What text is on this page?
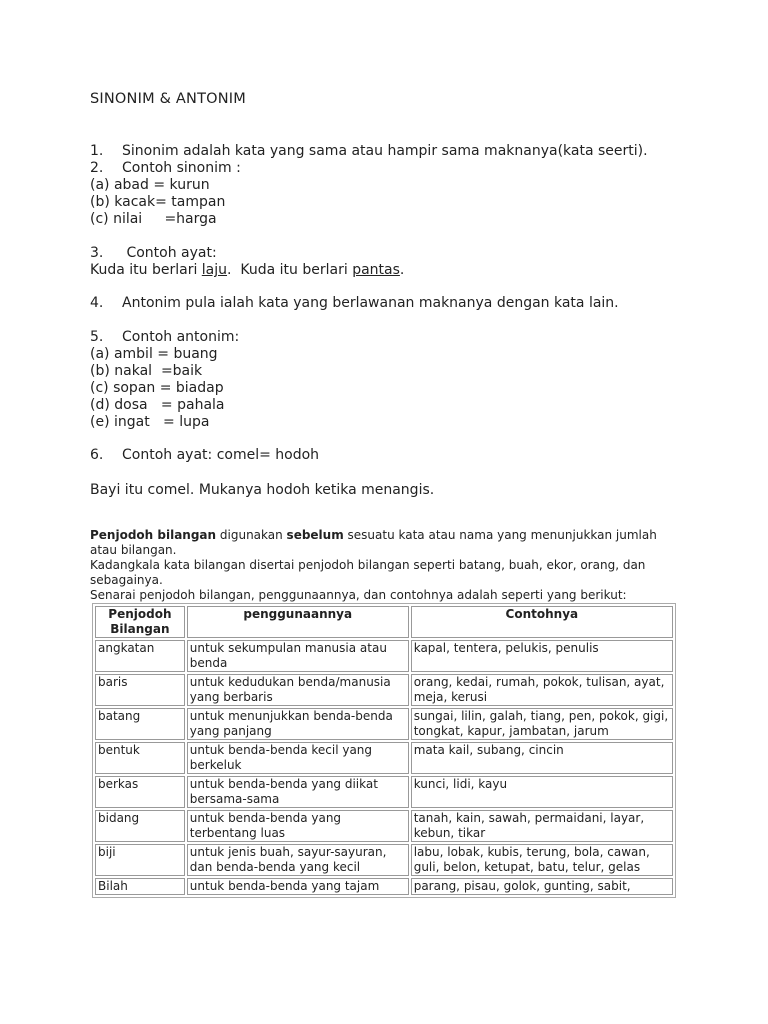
SINONIM & ANTONIM
1. Sinonim adalah kata yang sama atau hampir sama maknanya(kata seerti).
2. Contoh sinonim :
(a) abad = kurun
(b) kacak= tampan
(c) nilai     =harga
3. Contoh ayat:
Kuda itu berlari laju.  Kuda itu berlari pantas.
4. Antonim pula ialah kata yang berlawanan maknanya dengan kata lain.
5. Contoh antonim:
(a) ambil = buang
(b) nakal  =baik
(c) sopan = biadap
(d) dosa   = pahala
(e) ingat   = lupa
6. Contoh ayat: comel= hodoh
Bayi itu comel. Mukanya hodoh ketika menangis.
Penjodoh bilangan digunakan sebelum sesuatu kata atau nama yang menunjukkan jumlah atau bilangan.
Kadangkala kata bilangan disertai penjodoh bilangan seperti batang, buah, ekor, orang, dan sebagainya.
Senarai penjodoh bilangan, penggunaannya, dan contohnya adalah seperti yang berikut:
Penjodoh Bilangan	penggunaannya	Contohnya
angkatan	untuk sekumpulan manusia atau benda	kapal, tentera, pelukis, penulis
baris	untuk kedudukan benda/manusia yang berbaris	orang, kedai, rumah, pokok, tulisan, ayat, meja, kerusi
batang	untuk menunjukkan benda-benda yang panjang	sungai, lilin, galah, tiang, pen, pokok, gigi, tongkat, kapur, jambatan, jarum
bentuk	untuk benda-benda kecil yang berkeluk	mata kail, subang, cincin
berkas	untuk benda-benda yang diikat bersama-sama	kunci, lidi, kayu
bidang	untuk benda-benda yang terbentang luas	tanah, kain, sawah, permaidani, layar, kebun, tikar
biji	untuk jenis buah, sayur-sayuran, dan benda-benda yang kecil	labu, lobak, kubis, terung, bola, cawan, guli, belon, ketupat, batu, telur, gelas
Bilah	untuk benda-benda yang tajam	parang, pisau, golok, gunting, sabit,
